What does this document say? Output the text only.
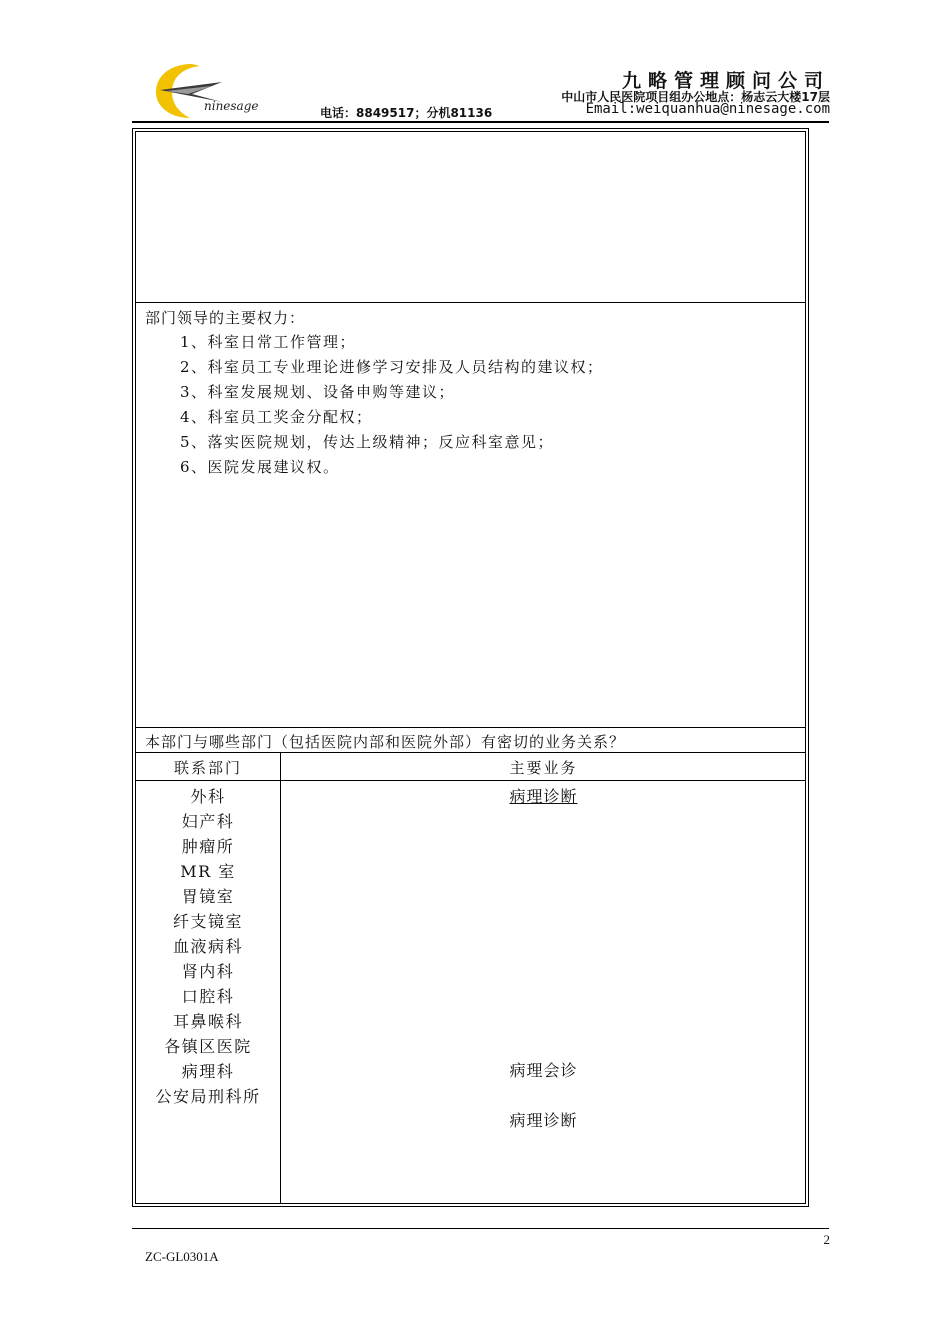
ninesage
九略管理顾问公司
中山市人民医院项目组办公地点：杨志云大楼17层
电话：8849517；分机81136	Email:weiquanhua@ninesage.com
部门领导的主要权力：
1、科室日常工作管理；
2、科室员工专业理论进修学习安排及人员结构的建议权；
3、科室发展规划、设备申购等建议；
4、科室员工奖金分配权；
5、落实医院规划，传达上级精神；反应科室意见；
6、医院发展建议权。
本部门与哪些部门（包括医院内部和医院外部）有密切的业务关系？
联系部门	主要业务
外科
妇产科
肿瘤所
MR 室
胃镜室
纤支镜室
血液病科
肾内科
口腔科
耳鼻喉科
各镇区医院
病理科
公安局刑科所
病理诊断
病理会诊
病理诊断
2
ZC-GL0301A
